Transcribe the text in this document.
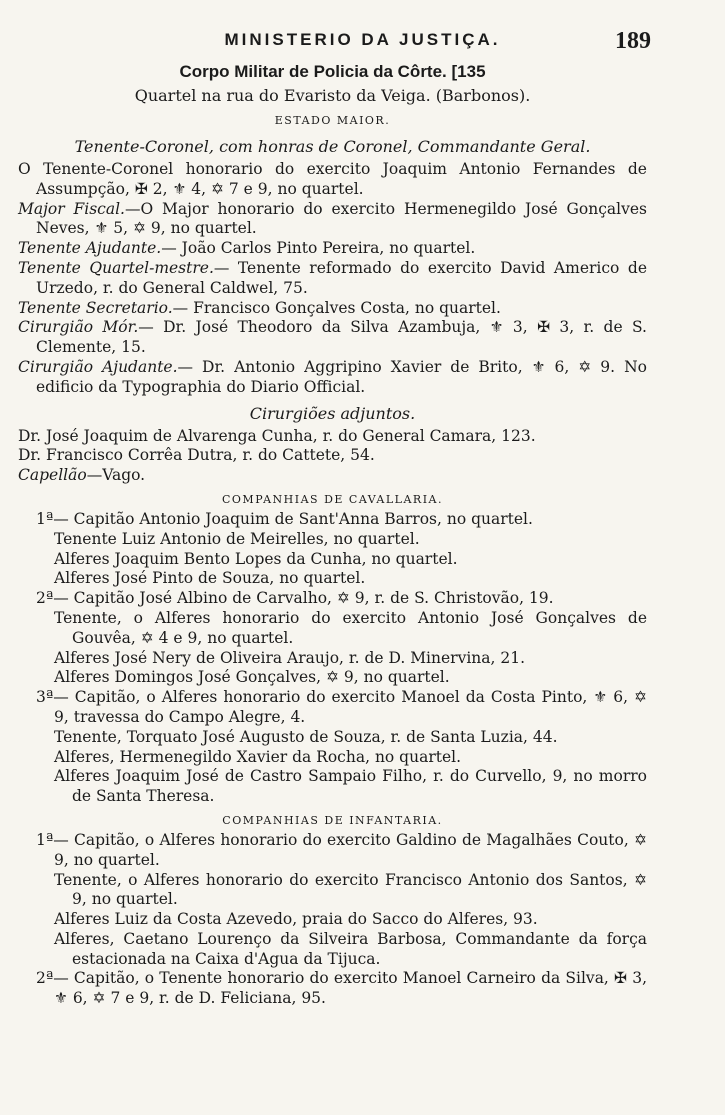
MINISTERIO DA JUSTIÇA.	189
Corpo Militar de Policia da Côrte. [135
Quartel na rua do Evaristo da Veiga. (Barbonos).
ESTADO MAIOR.
Tenente-Coronel, com honras de Coronel, Commandante Geral.
O Tenente-Coronel honorario do exercito Joaquim Antonio Fernandes de Assumpção, ✠ 2, ⚜ 4, ✡ 7 e 9, no quartel.
Major Fiscal.—O Major honorario do exercito Hermenegildo José Gonçalves Neves, ⚜ 5, ✡ 9, no quartel.
Tenente Ajudante.— João Carlos Pinto Pereira, no quartel.
Tenente Quartel-mestre.— Tenente reformado do exercito David Americo de Urzedo, r. do General Caldwel, 75.
Tenente Secretario.— Francisco Gonçalves Costa, no quartel.
Cirurgião Mór.— Dr. José Theodoro da Silva Azambuja, ⚜ 3, ✠ 3, r. de S. Clemente, 15.
Cirurgião Ajudante.— Dr. Antonio Aggripino Xavier de Brito, ⚜ 6, ✡ 9. No edificio da Typographia do Diario Official.
Cirurgiões adjuntos.
Dr. José Joaquim de Alvarenga Cunha, r. do General Camara, 123.
Dr. Francisco Corrêa Dutra, r. do Cattete, 54.
Capellão—Vago.
COMPANHIAS DE CAVALLARIA.
1ª— Capitão Antonio Joaquim de Sant'Anna Barros, no quartel.
Tenente Luiz Antonio de Meirelles, no quartel.
Alferes Joaquim Bento Lopes da Cunha, no quartel.
Alferes José Pinto de Souza, no quartel.
2ª— Capitão José Albino de Carvalho, ✡ 9, r. de S. Christovão, 19.
Tenente, o Alferes honorario do exercito Antonio José Gonçalves de Gouvêa, ✡ 4 e 9, no quartel.
Alferes José Nery de Oliveira Araujo, r. de D. Minervina, 21.
Alferes Domingos José Gonçalves, ✡ 9, no quartel.
3ª— Capitão, o Alferes honorario do exercito Manoel da Costa Pinto, ⚜ 6, ✡ 9, travessa do Campo Alegre, 4.
Tenente, Torquato José Augusto de Souza, r. de Santa Luzia, 44.
Alferes, Hermenegildo Xavier da Rocha, no quartel.
Alferes Joaquim José de Castro Sampaio Filho, r. do Curvello, 9, no morro de Santa Theresa.
COMPANHIAS DE INFANTARIA.
1ª— Capitão, o Alferes honorario do exercito Galdino de Magalhães Couto, ✡ 9, no quartel.
Tenente, o Alferes honorario do exercito Francisco Antonio dos Santos, ✡ 9, no quartel.
Alferes Luiz da Costa Azevedo, praia do Sacco do Alferes, 93.
Alferes, Caetano Lourenço da Silveira Barbosa, Commandante da força estacionada na Caixa d'Agua da Tijuca.
2ª— Capitão, o Tenente honorario do exercito Manoel Carneiro da Silva, ✠ 3, ⚜ 6, ✡ 7 e 9, r. de D. Feliciana, 95.
